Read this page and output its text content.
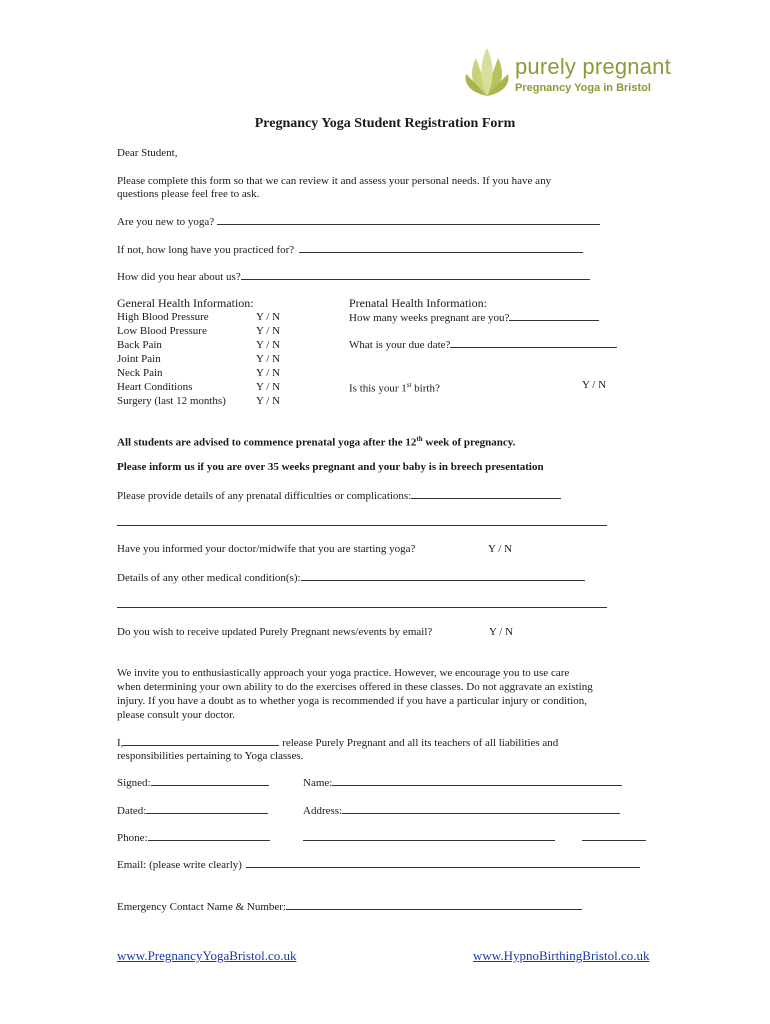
purely pregnant
Pregnancy Yoga in Bristol
Pregnancy Yoga Student Registration Form
Dear Student,
Please complete this form so that we can review it and assess your personal needs. If you have any
questions please feel free to ask.
Are you new to yoga?
If not, how long have you practiced for?
How did you hear about us?
General Health Information:
High Blood Pressure	Y / N
Low Blood Pressure	Y / N
Back Pain	Y / N
Joint Pain	Y / N
Neck Pain	Y / N
Heart Conditions	Y / N
Surgery (last 12 months)	Y / N
Prenatal Health Information:
How many weeks pregnant are you?
What is your due date?
Is this your 1st birth?	Y / N
All students are advised to commence prenatal yoga after the 12th week of pregnancy.
Please inform us if you are over 35 weeks pregnant and your baby is in breech presentation
Please provide details of any prenatal difficulties or complications:
Have you informed your doctor/midwife that you are starting yoga?	Y / N
Details of any other medical condition(s):
Do you wish to receive updated Purely Pregnant news/events by email?	Y / N
We invite you to enthusiastically approach your yoga practice. However, we encourage you to use care
when determining your own ability to do the exercises offered in these classes. Do not aggravate an existing
injury. If you have a doubt as to whether yoga is recommended if you have a particular injury or condition,
please consult your doctor.
I,	release Purely Pregnant and all its teachers of all liabilities and
responsibilities pertaining to Yoga classes.
Signed:	Name:
Dated:	Address:
Phone:
Email: (please write clearly)
Emergency Contact Name & Number:
www.PregnancyYogaBristol.co.uk	www.HypnoBirthingBristol.co.uk
